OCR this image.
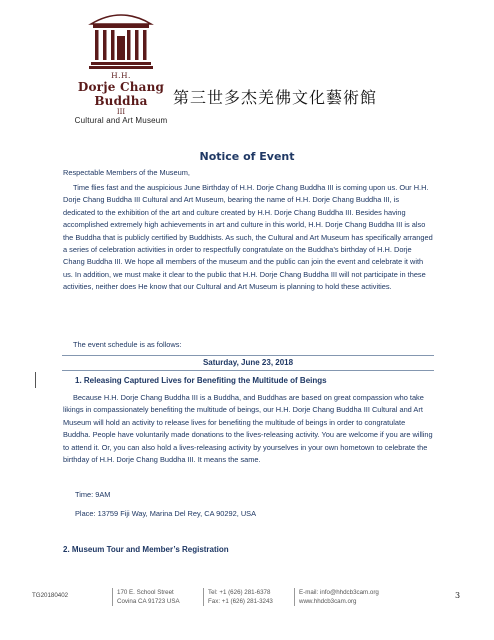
H.H.
Dorje Chang Buddha
III
Cultural and Art Museum
第三世多杰羌佛文化藝術館
Notice of Event
Respectable Members of the Museum,
Time flies fast and the auspicious June Birthday of H.H. Dorje Chang Buddha III is coming upon us. Our H.H. Dorje Chang Buddha III Cultural and Art Museum, bearing the name of H.H. Dorje Chang Buddha III, is dedicated to the exhibition of the art and culture created by H.H. Dorje Chang Buddha III. Besides having accomplished extremely high achievements in art and culture in this world, H.H. Dorje Chang Buddha III is also the Buddha that is publicly certified by Buddhists. As such, the Cultural and Art Museum has specifically arranged a series of celebration activities in order to respectfully congratulate on the Buddha’s birthday of H.H. Dorje Chang Buddha III. We hope all members of the museum and the public can join the event and celebrate it with us. In addition, we must make it clear to the public that H.H. Dorje Chang Buddha III will not participate in these activities, neither does He know that our Cultural and Art Museum is planning to hold these activities.
The event schedule is as follows:
Saturday, June 23, 2018
1. Releasing Captured Lives for Benefiting the Multitude of Beings
Because H.H. Dorje Chang Buddha III is a Buddha, and Buddhas are based on great compassion who take likings in compassionately benefiting the multitude of beings, our H.H. Dorje Chang Buddha III Cultural and Art Museum will hold an activity to release lives for benefiting the multitude of beings in order to congratulate Buddha. People have voluntarily made donations to the lives-releasing activity. You are welcome if you are willing to attend it. Or, you can also hold a lives-releasing activity by yourselves in your own hometown to celebrate the birthday of H.H. Dorje Chang Buddha III. It means the same.
Time: 9AM
Place: 13759 Fiji Way, Marina Del Rey, CA 90292, USA
2. Museum Tour and Member’s Registration
TG20180402	170 E. School Street
Covina CA 91723 USA
Tel: +1 (626) 281-6378
Fax: +1 (626) 281-3243
E-mail: info@hhdcb3cam.org
www.hhdcb3cam.org
3
